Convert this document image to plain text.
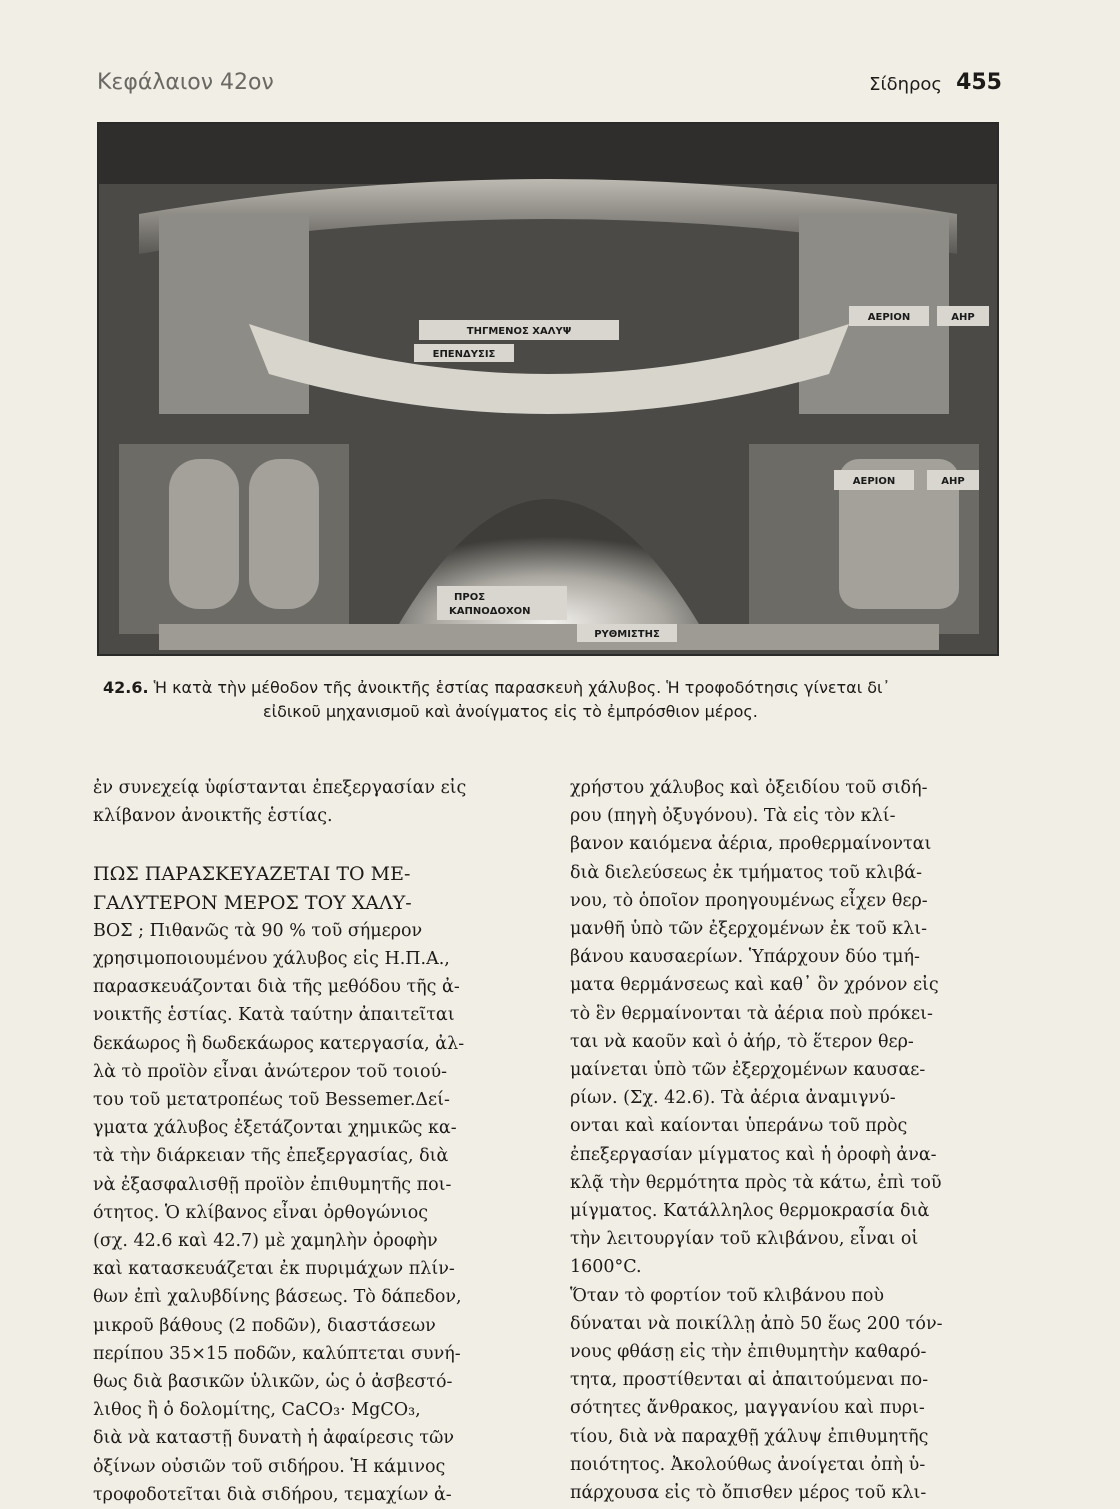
Κεφάλαιον 42ον	Σίδηρος 455
ΤΗΓΜΕΝΟΣ ΧΑΛΥΨ
ΕΠΕΝΔΥΣΙΣ
ΑΕΡΙΟΝ	ΑΗΡ
ΑΕΡΙΟΝ	ΑΗΡ
ΠΡΟΣ
ΚΑΠΝΟΔΟΧΟΝ
ΡΥΘΜΙΣΤΗΣ
42.6. Ἡ κατὰ τὴν μέθοδον τῆς ἀνοικτῆς ἑστίας παρασκευὴ χάλυβος. Ἡ τροφοδότησις γίνεται δι᾽
εἰδικοῦ μηχανισμοῦ καὶ ἀνοίγματος εἰς τὸ ἐμπρόσθιον μέρος.
ἐν συνεχείᾳ ὑφίστανται ἐπεξεργασίαν εἰς
κλίβανον ἀνοικτῆς ἑστίας.
ΠΩΣ ΠΑΡΑΣΚΕΥΑΖΕΤΑΙ ΤΟ ΜΕ-
ΓΑΛΥΤΕΡΟΝ ΜΕΡΟΣ ΤΟΥ ΧΑΛΥ-
ΒΟΣ ; Πιθανῶς τὰ 90 % τοῦ σήμερον
χρησιμοποιουμένου χάλυβος εἰς Η.Π.Α.,
παρασκευάζονται διὰ τῆς μεθόδου τῆς ἀ-
νοικτῆς ἑστίας. Κατὰ ταύτην ἀπαιτεῖται
δεκάωρος ἢ δωδεκάωρος κατεργασία, ἀλ-
λὰ τὸ προϊὸν εἶναι ἀνώτερον τοῦ τοιού-
του τοῦ μετατροπέως τοῦ Bessemer.Δεί-
γματα χάλυβος ἐξετάζονται χημικῶς κα-
τὰ τὴν διάρκειαν τῆς ἐπεξεργασίας, διὰ
νὰ ἐξασφαλισθῇ προϊὸν ἐπιθυμητῆς ποι-
ότητος. Ὁ κλίβανος εἶναι ὀρθογώνιος
(σχ. 42.6 καὶ 42.7) μὲ χαμηλὴν ὀροφὴν
καὶ κατασκευάζεται ἐκ πυριμάχων πλίν-
θων ἐπὶ χαλυβδίνης βάσεως. Τὸ δάπεδον,
μικροῦ βάθους (2 ποδῶν), διαστάσεων
περίπου 35×15 ποδῶν, καλύπτεται συνή-
θως διὰ βασικῶν ὑλικῶν, ὡς ὁ ἀσβεστό-
λιθος ἢ ὁ δολομίτης, CaCO₃· MgCO₃,
διὰ νὰ καταστῇ δυνατὴ ἡ ἀφαίρεσις τῶν
ὀξίνων οὐσιῶν τοῦ σιδήρου. Ἡ κάμινος
τροφοδοτεῖται διὰ σιδήρου, τεμαχίων ἀ-
χρήστου χάλυβος καὶ ὀξειδίου τοῦ σιδή-
ρου (πηγὴ ὀξυγόνου). Τὰ εἰς τὸν κλί-
βανον καιόμενα ἀέρια, προθερμαίνονται
διὰ διελεύσεως ἐκ τμήματος τοῦ κλιβά-
νου, τὸ ὁποῖον προηγουμένως εἶχεν θερ-
μανθῆ ὑπὸ τῶν ἐξερχομένων ἐκ τοῦ κλι-
βάνου καυσαερίων. Ὑπάρχουν δύο τμή-
ματα θερμάνσεως καὶ καθ᾽ ὃν χρόνον εἰς
τὸ ἓν θερμαίνονται τὰ ἀέρια ποὺ πρόκει-
ται νὰ καοῦν καὶ ὁ ἀήρ, τὸ ἕτερον θερ-
μαίνεται ὑπὸ τῶν ἐξερχομένων καυσαε-
ρίων. (Σχ. 42.6). Τὰ ἀέρια ἀναμιγνύ-
ονται καὶ καίονται ὑπεράνω τοῦ πρὸς
ἐπεξεργασίαν μίγματος καὶ ἡ ὀροφὴ ἀνα-
κλᾷ τὴν θερμότητα πρὸς τὰ κάτω, ἐπὶ τοῦ
μίγματος. Κατάλληλος θερμοκρασία διὰ
τὴν λειτουργίαν τοῦ κλιβάνου, εἶναι οἱ
1600°C.
Ὅταν τὸ φορτίον τοῦ κλιβάνου ποὺ
δύναται νὰ ποικίλλῃ ἀπὸ 50 ἕως 200 τόν-
νους φθάσῃ εἰς τὴν ἐπιθυμητὴν καθαρό-
τητα, προστίθενται αἱ ἀπαιτούμεναι πο-
σότητες ἄνθρακος, μαγγανίου καὶ πυρι-
τίου, διὰ νὰ παραχθῇ χάλυψ ἐπιθυμητῆς
ποιότητος. Ἀκολούθως ἀνοίγεται ὀπὴ ὑ-
πάρχουσα εἰς τὸ ὄπισθεν μέρος τοῦ κλι-
